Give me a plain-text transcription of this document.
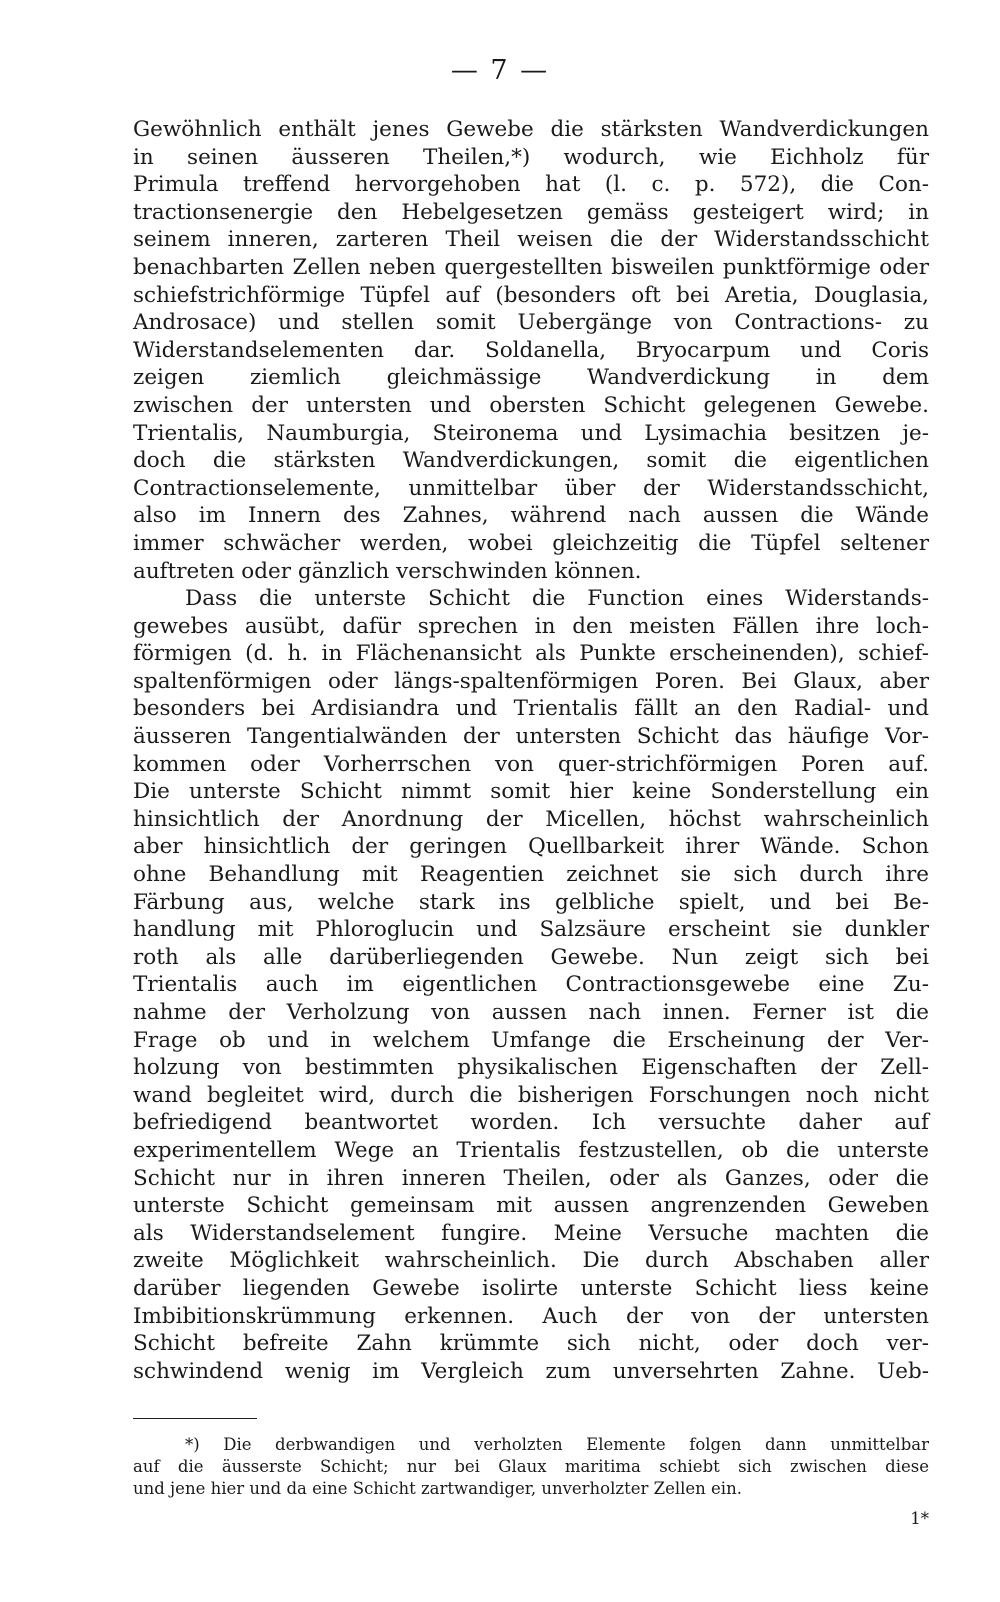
— 7 —
Gewöhnlich enthält jenes Gewebe die stärksten Wandverdickungen
in seinen äusseren Theilen,*) wodurch, wie Eichholz für
Primula treffend hervorgehoben hat (l. c. p. 572), die Con-
tractionsenergie den Hebelgesetzen gemäss gesteigert wird; in
seinem inneren, zarteren Theil weisen die der Widerstandsschicht
benachbarten Zellen neben quergestellten bisweilen punktförmige oder
schiefstrichförmige Tüpfel auf (besonders oft bei Aretia, Douglasia,
Androsace) und stellen somit Uebergänge von Contractions- zu
Widerstandselementen dar. Soldanella, Bryocarpum und Coris
zeigen ziemlich gleichmässige Wandverdickung in dem
zwischen der untersten und obersten Schicht gelegenen Gewebe.
Trientalis, Naumburgia, Steironema und Lysimachia besitzen je-
doch die stärksten Wandverdickungen, somit die eigentlichen
Contractionselemente, unmittelbar über der Widerstandsschicht,
also im Innern des Zahnes, während nach aussen die Wände
immer schwächer werden, wobei gleichzeitig die Tüpfel seltener
auftreten oder gänzlich verschwinden können.
Dass die unterste Schicht die Function eines Widerstands-
gewebes ausübt, dafür sprechen in den meisten Fällen ihre loch-
förmigen (d. h. in Flächenansicht als Punkte erscheinenden), schief-
spaltenförmigen oder längs-spaltenförmigen Poren. Bei Glaux, aber
besonders bei Ardisiandra und Trientalis fällt an den Radial- und
äusseren Tangentialwänden der untersten Schicht das häufige Vor-
kommen oder Vorherrschen von quer-strichförmigen Poren auf.
Die unterste Schicht nimmt somit hier keine Sonderstellung ein
hinsichtlich der Anordnung der Micellen, höchst wahrscheinlich
aber hinsichtlich der geringen Quellbarkeit ihrer Wände. Schon
ohne Behandlung mit Reagentien zeichnet sie sich durch ihre
Färbung aus, welche stark ins gelbliche spielt, und bei Be-
handlung mit Phloroglucin und Salzsäure erscheint sie dunkler
roth als alle darüberliegenden Gewebe. Nun zeigt sich bei
Trientalis auch im eigentlichen Contractionsgewebe eine Zu-
nahme der Verholzung von aussen nach innen. Ferner ist die
Frage ob und in welchem Umfange die Erscheinung der Ver-
holzung von bestimmten physikalischen Eigenschaften der Zell-
wand begleitet wird, durch die bisherigen Forschungen noch nicht
befriedigend beantwortet worden. Ich versuchte daher auf
experimentellem Wege an Trientalis festzustellen, ob die unterste
Schicht nur in ihren inneren Theilen, oder als Ganzes, oder die
unterste Schicht gemeinsam mit aussen angrenzenden Geweben
als Widerstandselement fungire. Meine Versuche machten die
zweite Möglichkeit wahrscheinlich. Die durch Abschaben aller
darüber liegenden Gewebe isolirte unterste Schicht liess keine
Imbibitionskrümmung erkennen. Auch der von der untersten
Schicht befreite Zahn krümmte sich nicht, oder doch ver-
schwindend wenig im Vergleich zum unversehrten Zahne. Ueb-
*) Die derbwandigen und verholzten Elemente folgen dann unmittelbar
auf die äusserste Schicht; nur bei Glaux maritima schiebt sich zwischen diese
und jene hier und da eine Schicht zartwandiger, unverholzter Zellen ein.
1*
